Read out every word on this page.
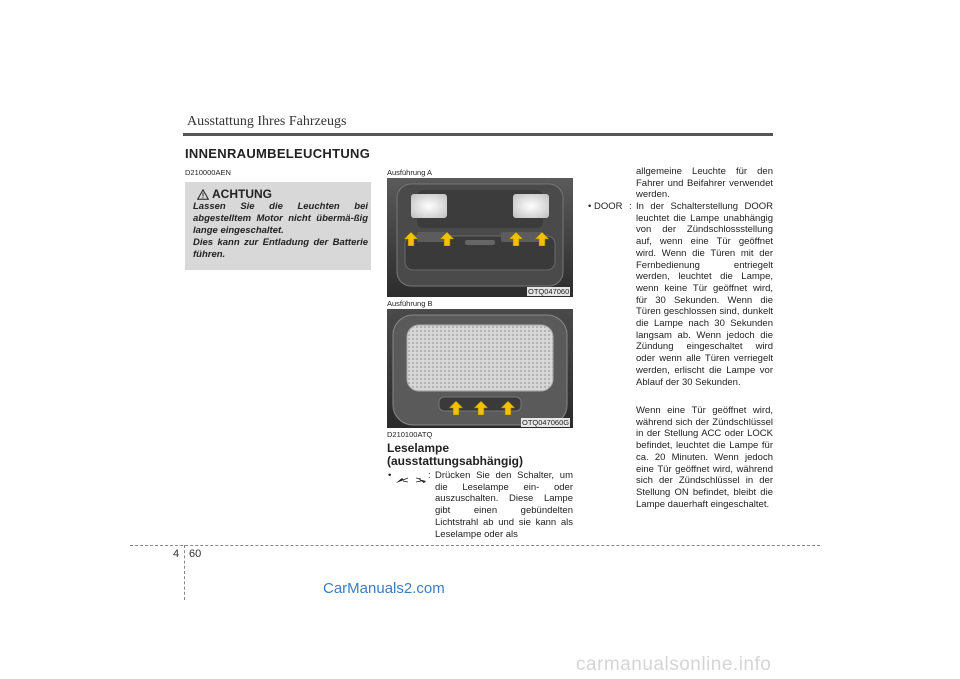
Ausstattung Ihres Fahrzeugs
INNENRAUMBELEUCHTUNG
D210000AEN
ACHTUNG

Lassen Sie die Leuchten bei abgestelltem Motor nicht übermä-ßig lange eingeschaltet.

Dies kann zur Entladung der Batterie führen.

Ausführung A
OTQ047060
Ausführung B
OTQ047060G
D210100ATQ
Leselampe (ausstattungsabhängig)
•	: Drücken Sie den Schalter, um die Leselampe ein- oder auszuschalten. Diese Lampe gibt einen gebündelten Lichtstrahl ab und sie kann als Leselampe oder als
allgemeine Leuchte für den Fahrer und Beifahrer verwendet werden.
• DOOR : In der Schalterstellung DOOR leuchtet die Lampe unabhängig von der Zündschlossstellung auf, wenn eine Tür geöffnet wird. Wenn die Türen mit der Fernbedienung entriegelt werden, leuchtet die Lampe, wenn keine Tür geöffnet wird, für 30 Sekunden. Wenn die Türen geschlossen sind, dunkelt die Lampe nach 30 Sekunden langsam ab. Wenn jedoch die Zündung eingeschaltet wird oder wenn alle Türen verriegelt werden, erlischt die Lampe vor Ablauf der 30 Sekunden.
Wenn eine Tür geöffnet wird, während sich der Zündschlüssel in der Stellung ACC oder LOCK befindet, leuchtet die Lampe für ca. 20 Minuten. Wenn jedoch eine Tür geöffnet wird, während sich der Zündschlüssel in der Stellung ON befindet, bleibt die Lampe dauerhaft eingeschaltet.
4 60
CarManuals2.com
carmanualsonline.info
